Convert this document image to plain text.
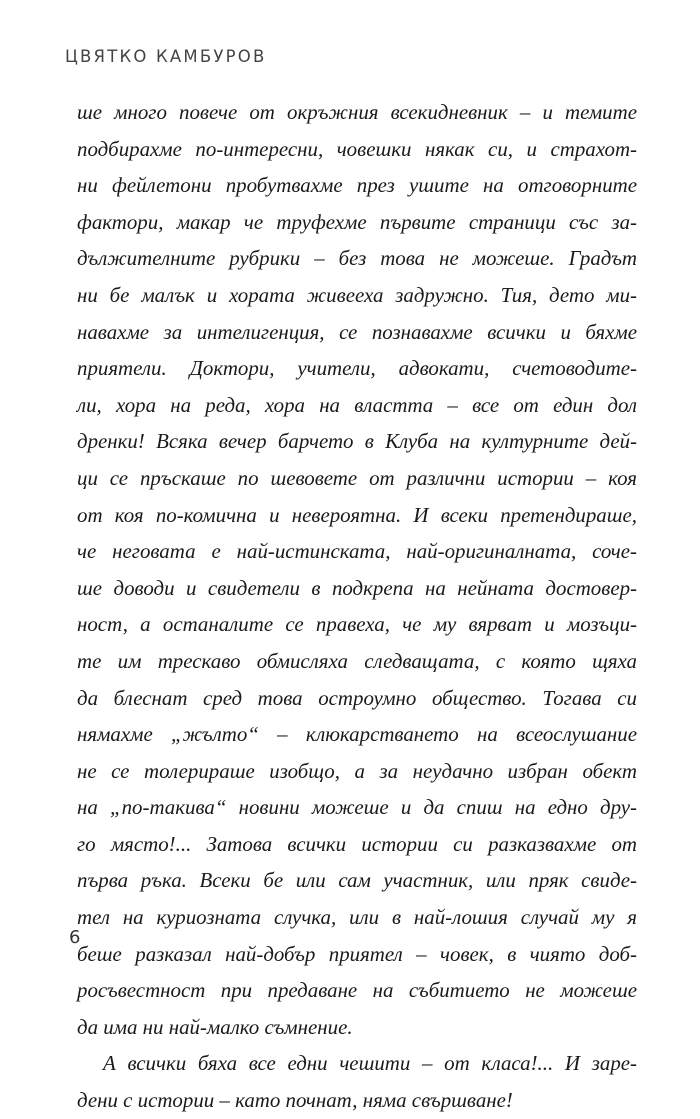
ЦВЯТКО КАМБУРОВ
ше много повече от окръжния всекидневник – и темите
подбирахме по-интересни, човешки някак си, и страхот-
ни фейлетони пробутвахме през ушите на отговорните
фактори, макар че труфехме първите страници със за-
дължителните рубрики – без това не можеше. Градът
ни бе малък и хората живееха задружно. Тия, дето ми-
навахме за интелигенция, се познавахме всички и бяхме
приятели. Доктори, учители, адвокати, счетоводите-
ли, хора на реда, хора на властта – все от един дол
дренки! Всяка вечер барчето в Клуба на културните дей-
ци се пръскаше по шевовете от различни истории – коя
от коя по-комична и невероятна. И всеки претендираше,
че неговата е най-истинската, най-оригиналната, соче-
ше доводи и свидетели в подкрепа на нейната достовер-
ност, а останалите се правеха, че му вярват и мозъци-
те им трескаво обмисляха следващата, с която щяха
да блеснат сред това остроумно общество. Тогава си
нямахме „жълто“ – клюкарстването на всеослушание
не се толерираше изобщо, а за неудачно избран обект
на „по-такива“ новини можеше и да спиш на едно дру-
го място!... Затова всички истории си разказвахме от
първа ръка. Всеки бе или сам участник, или пряк свиде-
тел на куриозната случка, или в най-лошия случай му я
беше разказал най-добър приятел – човек, в чиято доб-
росъвестност при предаване на събитието не можеше
да има ни най-малко съмнение.
А всички бяха все едни чешити – от класа!... И заре-
дени с истории – като почнат, няма свършване!
6
